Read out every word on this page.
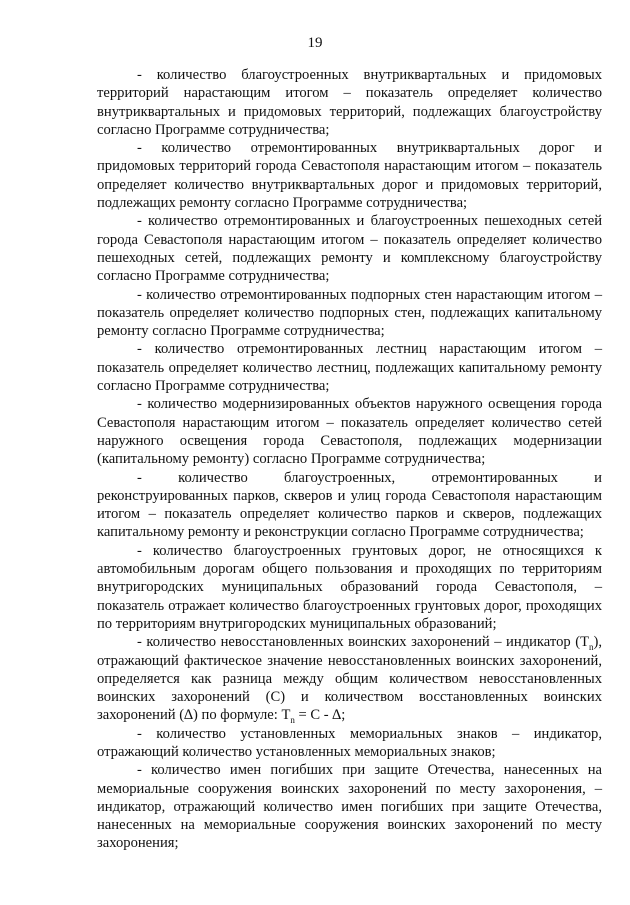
19

- количество благоустроенных внутриквартальных и придомовых территорий нарастающим итогом – показатель определяет количество внутриквартальных и придомовых территорий, подлежащих благоустройству согласно Программе сотрудничества;

- количество отремонтированных внутриквартальных дорог и придомовых территорий города Севастополя нарастающим итогом – показатель определяет количество внутриквартальных дорог и придомовых территорий, подлежащих ремонту согласно Программе сотрудничества;

- количество отремонтированных и благоустроенных пешеходных сетей города Севастополя нарастающим итогом – показатель определяет количество пешеходных сетей, подлежащих ремонту и комплексному благоустройству согласно Программе сотрудничества;

- количество отремонтированных подпорных стен нарастающим итогом – показатель определяет количество подпорных стен, подлежащих капитальному ремонту согласно Программе сотрудничества;

- количество отремонтированных лестниц нарастающим итогом – показатель определяет количество лестниц, подлежащих капитальному ремонту согласно Программе сотрудничества;

- количество модернизированных объектов наружного освещения города Севастополя нарастающим итогом – показатель определяет количество сетей наружного освещения города Севастополя, подлежащих модернизации (капитальному ремонту) согласно Программе сотрудничества;

- количество благоустроенных, отремонтированных и реконструированных парков, скверов и улиц города Севастополя нарастающим итогом – показатель определяет количество парков и скверов, подлежащих капитальному ремонту и реконструкции согласно Программе сотрудничества;

- количество благоустроенных грунтовых дорог, не относящихся к автомобильным дорогам общего пользования и проходящих по территориям внутригородских муниципальных образований города Севастополя, – показатель отражает количество благоустроенных грунтовых дорог, проходящих по территориям внутригородских муниципальных образований;

- количество невосстановленных воинских захоронений – индикатор $(T_n)$, отражающий фактическое значение невосстановленных воинских захоронений, определяется как разница между общим количеством невосстановленных воинских захоронений (C) и количеством восстановленных воинских захоронений (∆) по формуле: $T_n = C$ - ∆;

- количество установленных мемориальных знаков – индикатор, отражающий количество установленных мемориальных знаков;

- количество имен погибших при защите Отечества, нанесенных на мемориальные сооружения воинских захоронений по месту захоронения, – индикатор, отражающий количество имен погибших при защите Отечества, нанесенных на мемориальные сооружения воинских захоронений по месту захоронения;
